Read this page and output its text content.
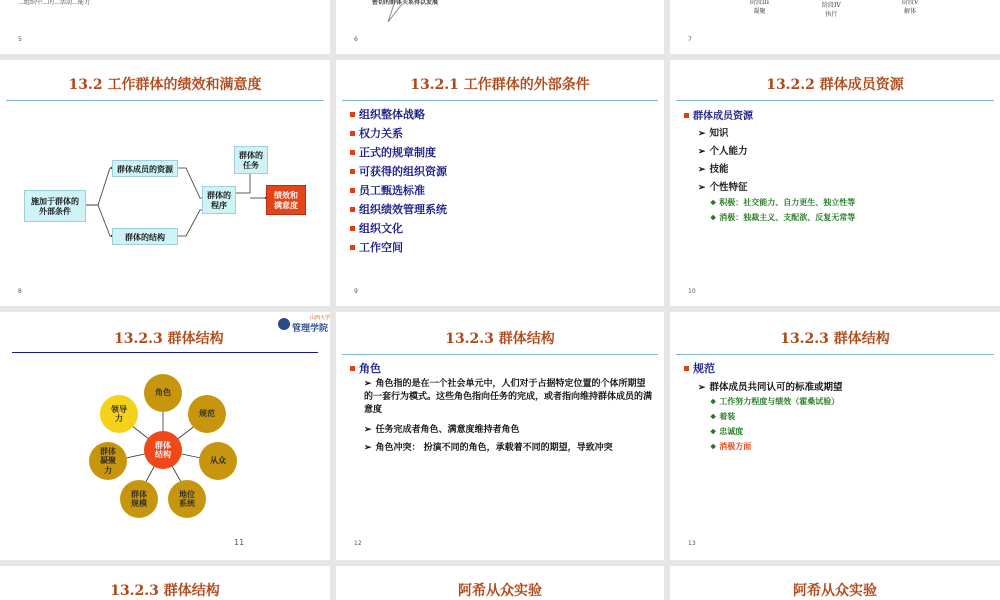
…组织中…的…活动…能力
5
密切的群体关系得以发展
6
阶段III
凝聚
阶段IV
执行
阶段V
解体
7
13.2 工作群体的绩效和满意度
施加于群体的
外部条件
群体成员的资源
群体的结构
群体的
程序
群体的
任务
绩效和
满意度
8
13.2.1 工作群体的外部条件
组织整体战略
权力关系
正式的规章制度
可获得的组织资源
员工甄选标准
组织绩效管理系统
组织文化
工作空间
9
13.2.2 群体成员资源
群体成员资源
➢ 知识
➢ 个人能力
➢ 技能
➢ 个性特征
❖ 积极：社交能力、自力更生、独立性等
❖ 消极：独裁主义、支配欲、反复无常等
10
13.2.3 群体结构
山西大学
管理学院
角色
规范
从众
地位
系统
群体
规模
群体
凝聚
力
领导
力
群体
结构
11
13.2.3 群体结构
角色
➢ 角色指的是在一个社会单元中，人们对于占据特定位置的个体所期望的一套行为模式。这些角色指向任务的完成，或者指向维持群体成员的满意度
➢ 任务完成者角色、满意度维持者角色
➢ 角色冲突： 扮演不同的角色，承载着不同的期望，导致冲突
12
13.2.3 群体结构
规范
➢ 群体成员共同认可的标准或期望
❖ 工作努力程度与绩效（霍桑试验）
❖ 着装
❖ 忠诚度
❖ 消极方面
13
13.2.3 群体结构	阿希从众实验	阿希从众实验
